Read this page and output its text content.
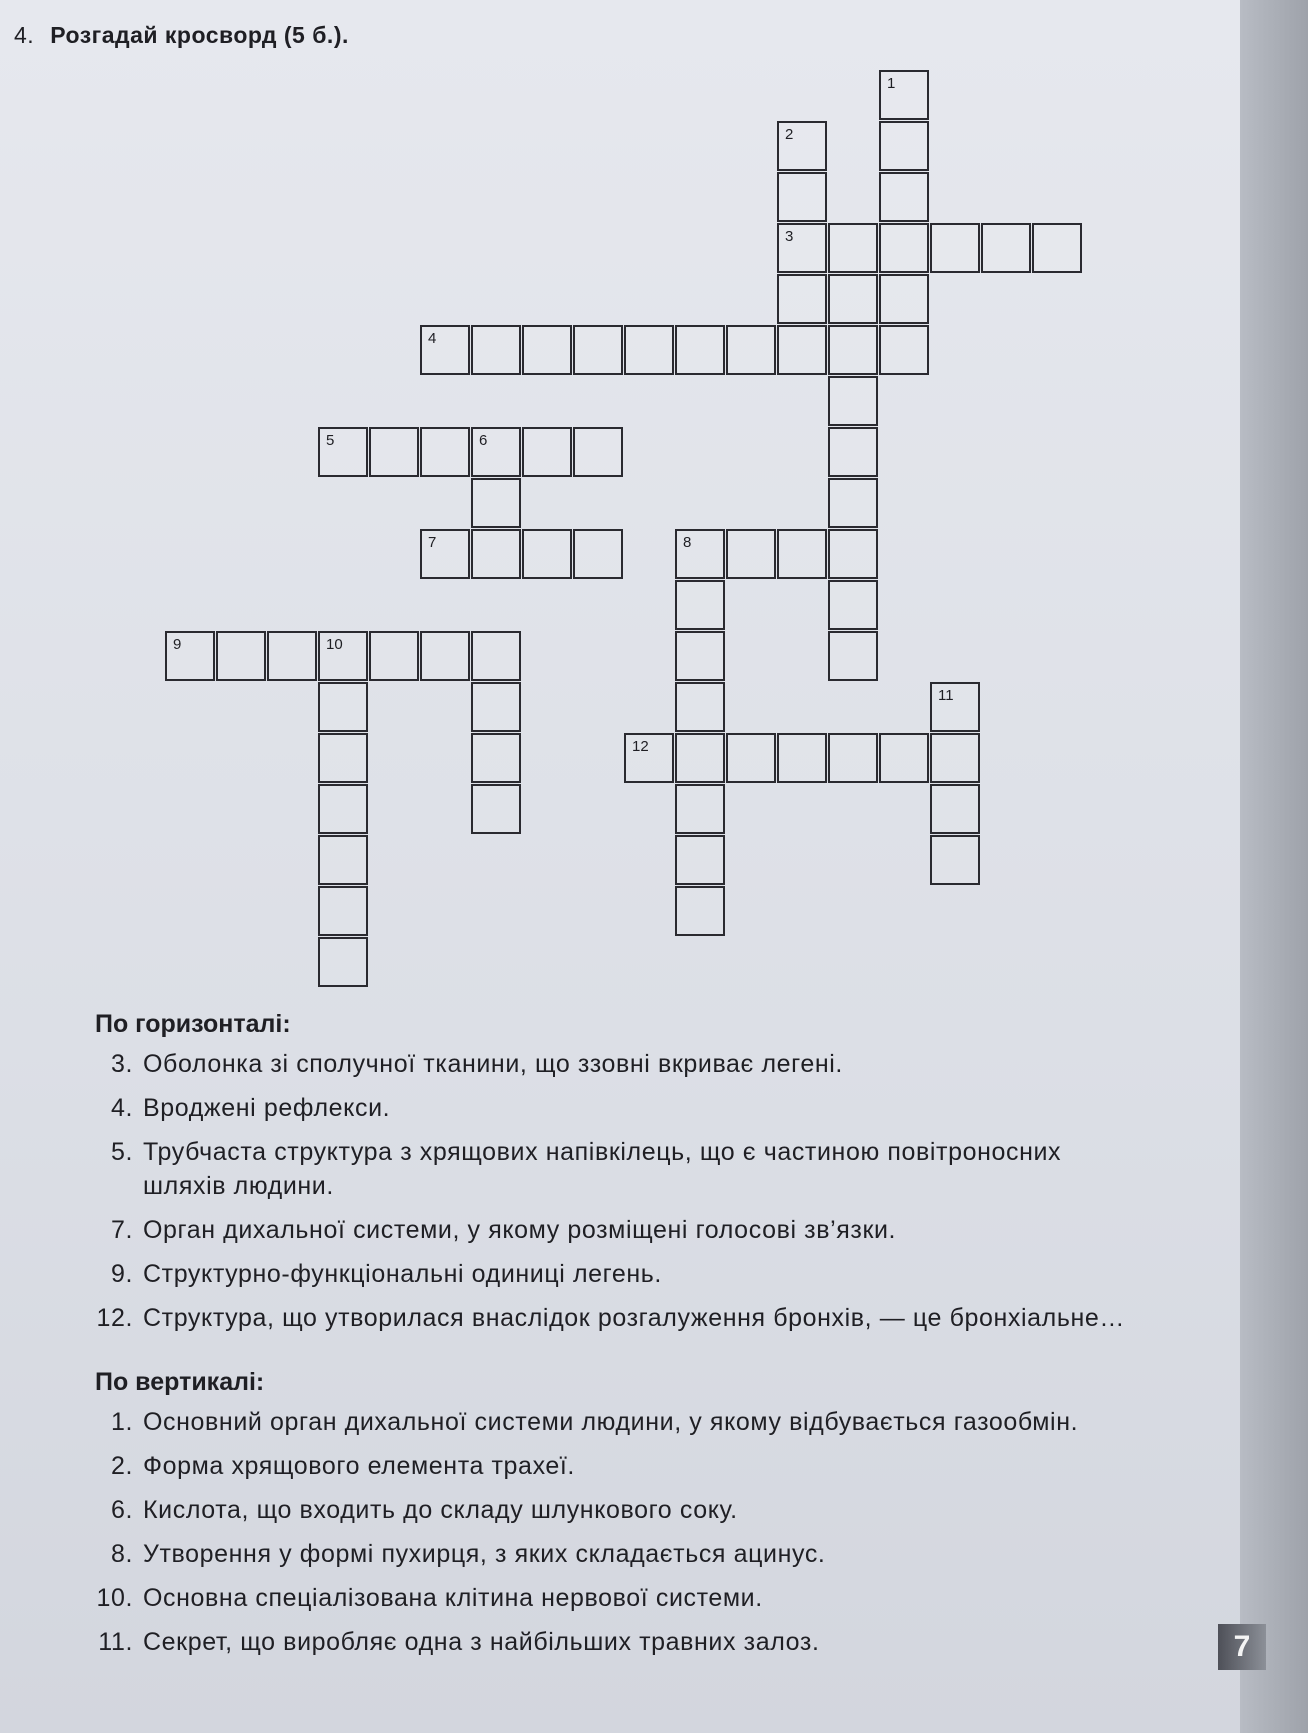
4. Розгадай кросворд (5 б.).
1
2
3
4
5	6
7	8
9	10
11
12
По горизонталі:
3. Оболонка зі сполучної тканини, що ззовні вкриває легені.
4. Вроджені рефлекси.
5. Трубчаста структура з хрящових напівкілець, що є частиною повітроносних
шляхів людини.
7. Орган дихальної системи, у якому розміщені голосові зв’язки.
9. Структурно-функціональні одиниці легень.
12. Структура, що утворилася внаслідок розгалуження бронхів, — це бронхіальне…
По вертикалі:
1. Основний орган дихальної системи людини, у якому відбувається газообмін.
2. Форма хрящового елемента трахеї.
6. Кислота, що входить до складу шлункового соку.
8. Утворення у формі пухирця, з яких складається ацинус.
10. Основна спеціалізована клітина нервової системи.
11. Секрет, що виробляє одна з найбільших травних залоз.	7
